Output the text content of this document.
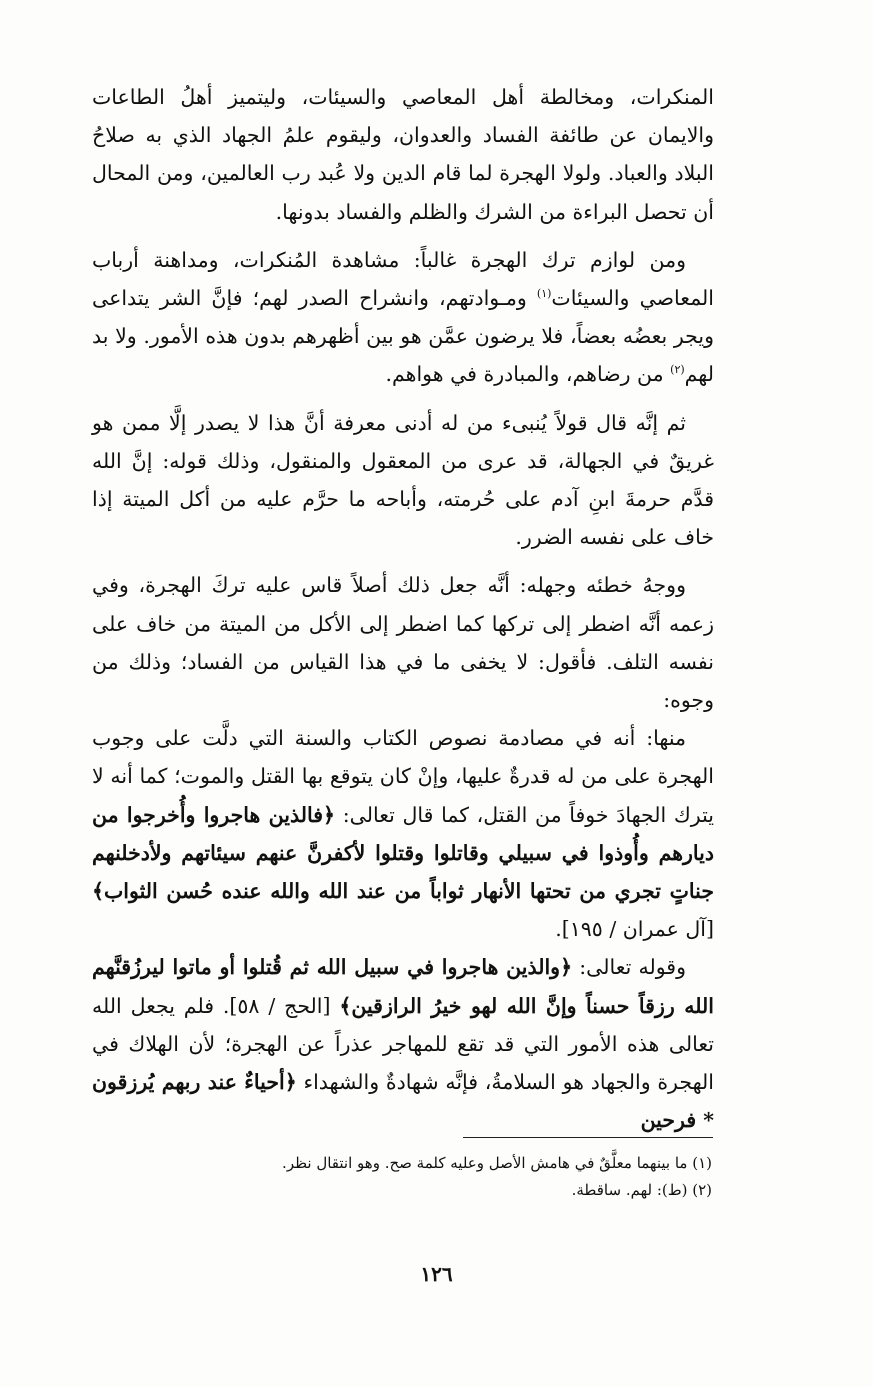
المنكرات، ومخالطة أهل المعاصي والسيئات، وليتميز أهلُ الطاعات والايمان عن طائفة الفساد والعدوان، وليقوم علمُ الجهاد الذي به صلاحُ البلاد والعباد. ولولا الهجرة لما قام الدين ولا عُبد رب العالمين، ومن المحال أن تحصل البراءة من الشرك والظلم والفساد بدونها.

ومن لوازم ترك الهجرة غالباً: مشاهدة المُنكرات، ومداهنة أرباب المعاصي والسيئات$^{(١)}$ ومـوادتهم، وانشراح الصدر لهم؛ فإنَّ الشر يتداعى ويجر بعضُه بعضاً، فلا يرضون عمَّن هو بين أظهرهم بدون هذه الأمور. ولا بد لهم$^{(٢)}$ من رضاهم، والمبادرة في هواهم.

ثم إنَّه قال قولاً يُنبىء من له أدنى معرفة أنَّ هذا لا يصدر إلَّا ممن هو غريقٌ في الجهالة، قد عرى من المعقول والمنقول، وذلك قوله: إنَّ الله قدَّم حرمةَ ابنِ آدم على حُرمته، وأباحه ما حرَّم عليه من أكل الميتة إذا خاف على نفسه الضرر.

ووجهُ خطئه وجهله: أنَّه جعل ذلك أصلاً قاس عليه تركَ الهجرة، وفي زعمه أنَّه اضطر إلى تركها كما اضطر إلى الأكل من الميتة من خاف على نفسه التلف. فأقول: لا يخفى ما في هذا القياس من الفساد؛ وذلك من وجوه:

منها: أنه في مصادمة نصوص الكتاب والسنة التي دلَّت على وجوب الهجرة على من له قدرةٌ عليها، وإنْ كان يتوقع بها القتل والموت؛ كما أنه لا يترك الجهادَ خوفاً من القتل، كما قال تعالى: ﴿فالذين هاجروا وأُخرجوا من ديارهم وأُوذوا في سبيلي وقاتلوا وقتلوا لأكفرنَّ عنهم سيئاتهم ولأدخلنهم جناتٍ تجري من تحتها الأنهار ثواباً من عند الله والله عنده حُسن الثواب﴾ [آل عمران / ١٩٥].

وقوله تعالى: ﴿والذين هاجروا في سبيل الله ثم قُتلوا أو ماتوا ليرزُقنَّهم الله رزقاً حسناً وإنَّ الله لهو خيرُ الرازقين﴾ [الحج / ٥٨]. فلم يجعل الله تعالى هذه الأمور التي قد تقع للمهاجر عذراً عن الهجرة؛ لأن الهلاك في الهجرة والجهاد هو السلامةُ، فإنَّه شهادةٌ والشهداء ﴿أحياءٌ عند ربهم يُرزقون * فرحين

(١) ما بينهما معلَّقٌ في هامش الأصل وعليه كلمة صح. وهو انتقال نظر.

(٢) (ط): لهم. ساقطة.

١٢٦
